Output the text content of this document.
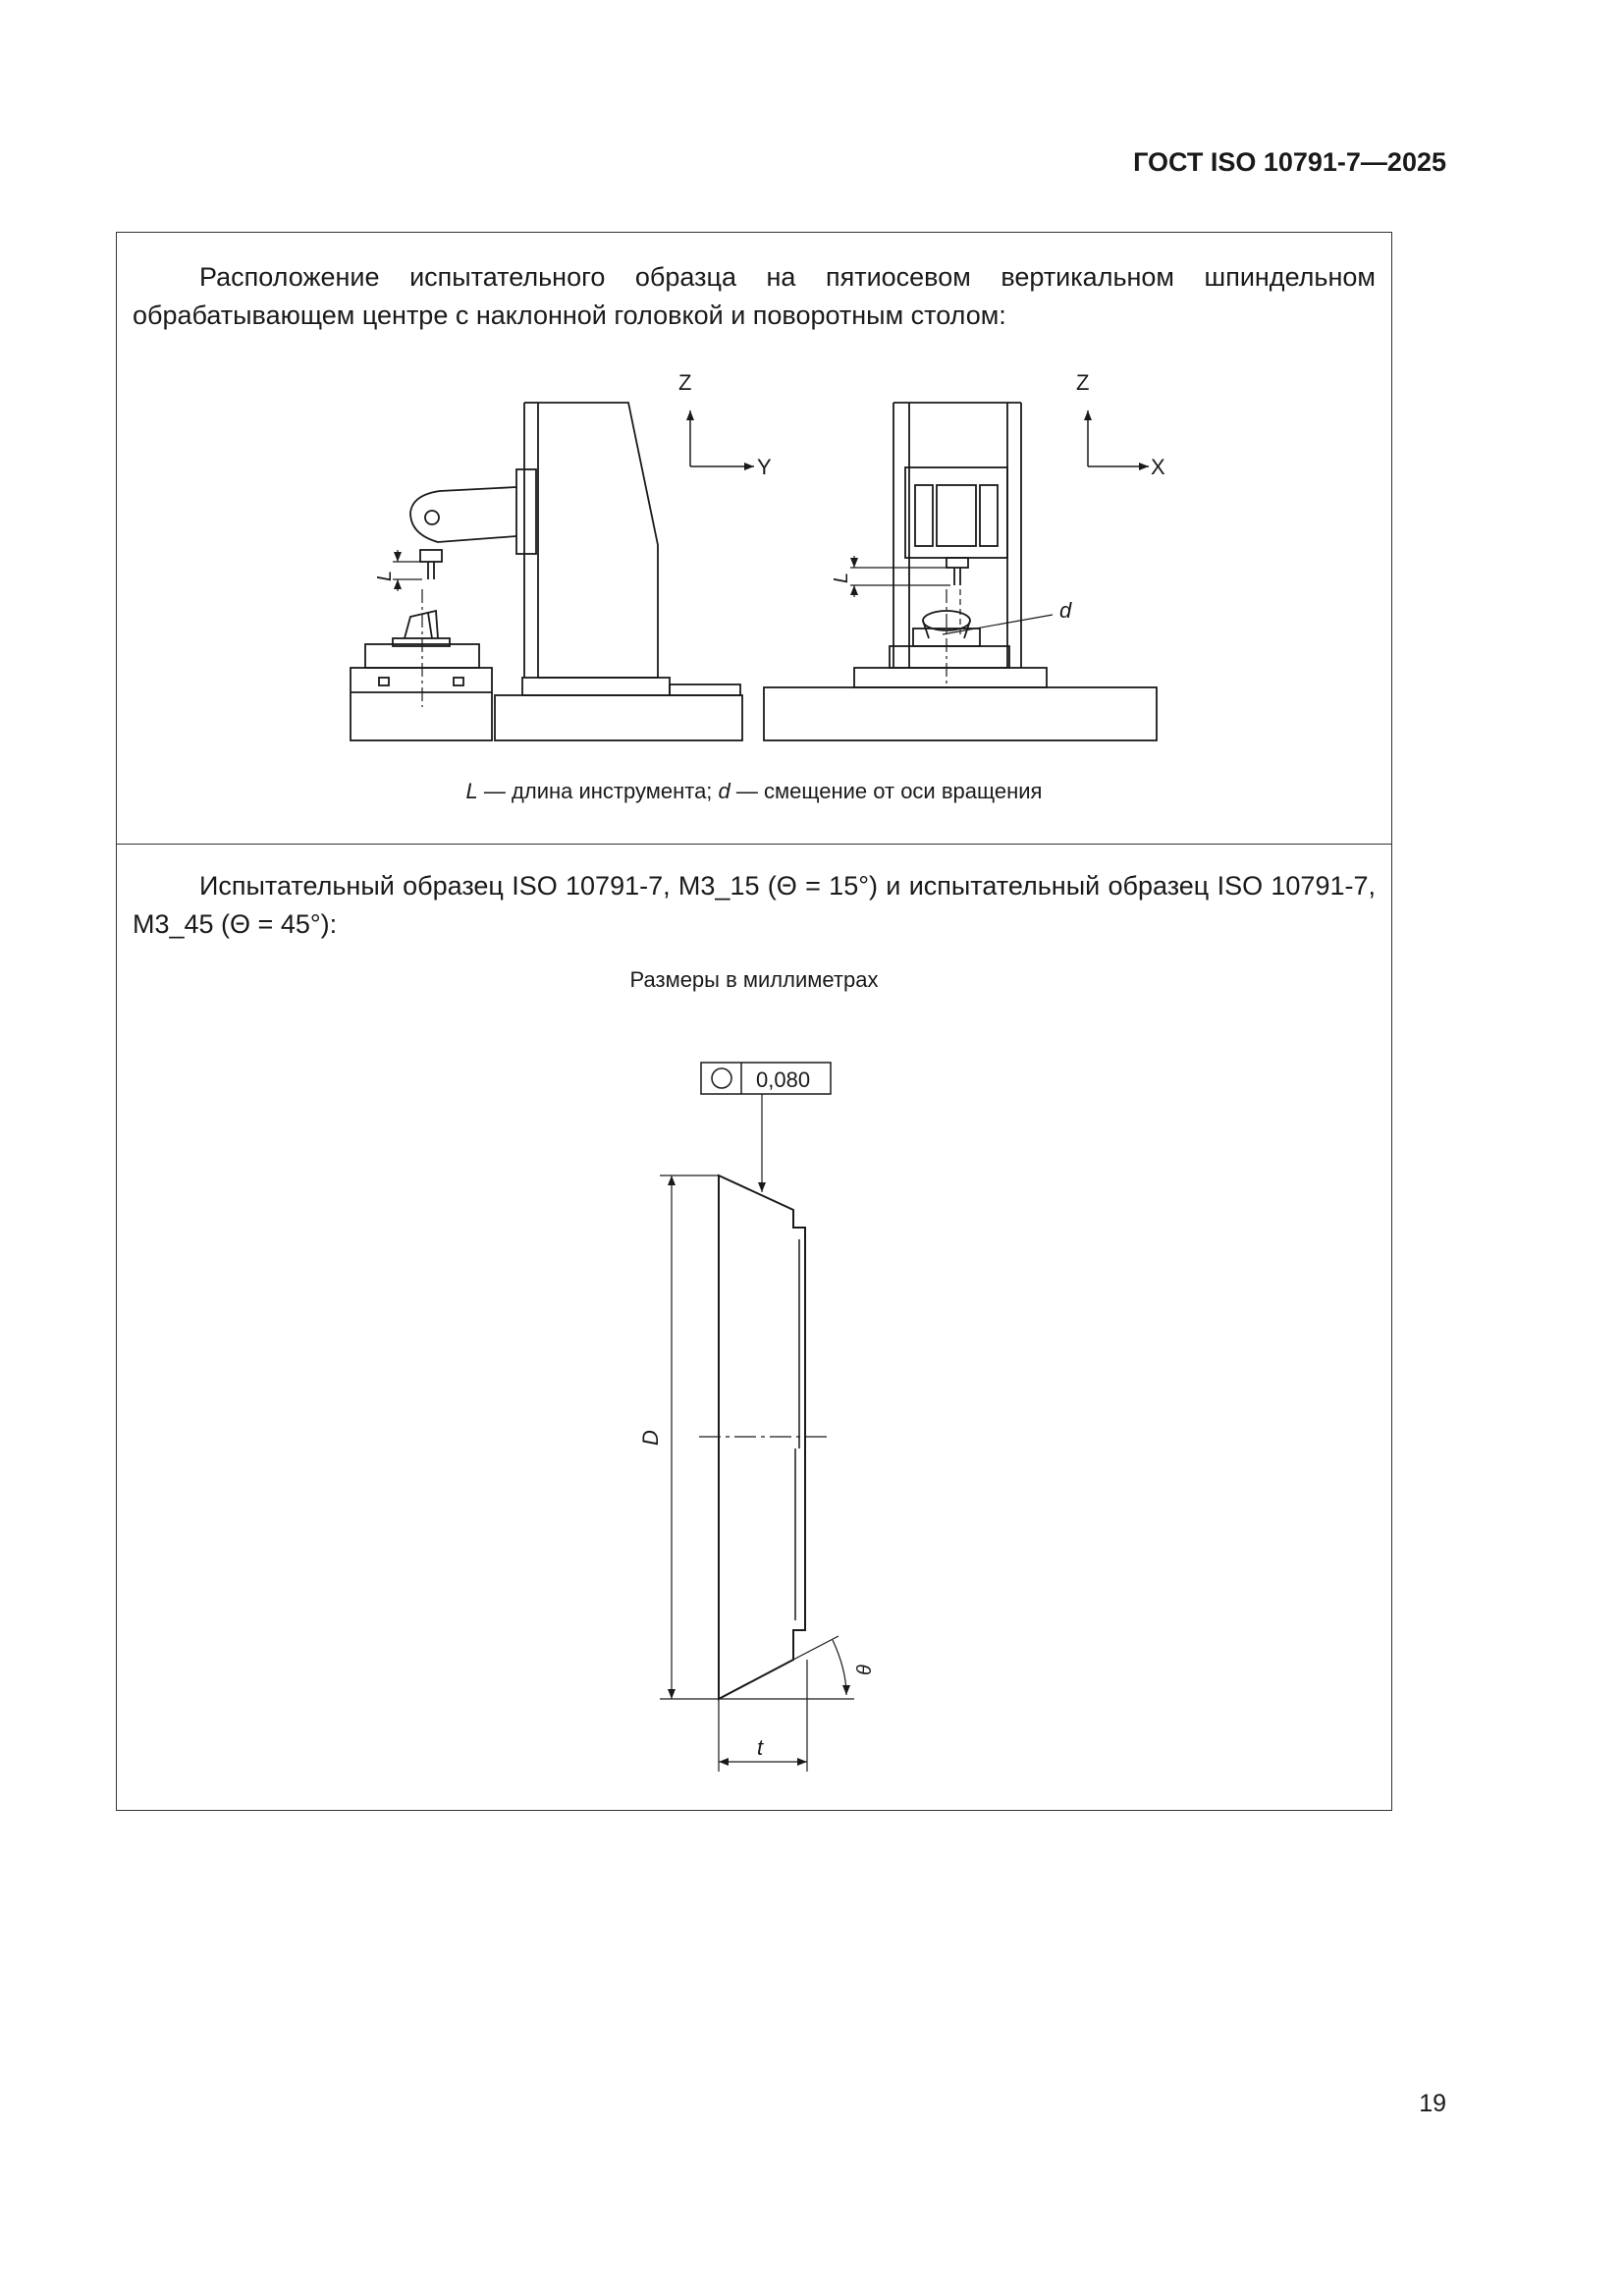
ГОСТ ISO 10791-7—2025
Расположение испытательного образца на пятиосевом вертикальном шпиндельном обрабатывающем центре с наклонной головкой и поворотным столом:
L — длина инструмента; d — смещение от оси вращения
Испытательный образец ISO 10791-7, M3_15 (Θ = 15°) и испытательный образец ISO 10791-7, M3_45 (Θ = 45°):
Размеры в миллиметрах
Z
Y
L
Z
X
L
d
0,080
D
t
θ
19
